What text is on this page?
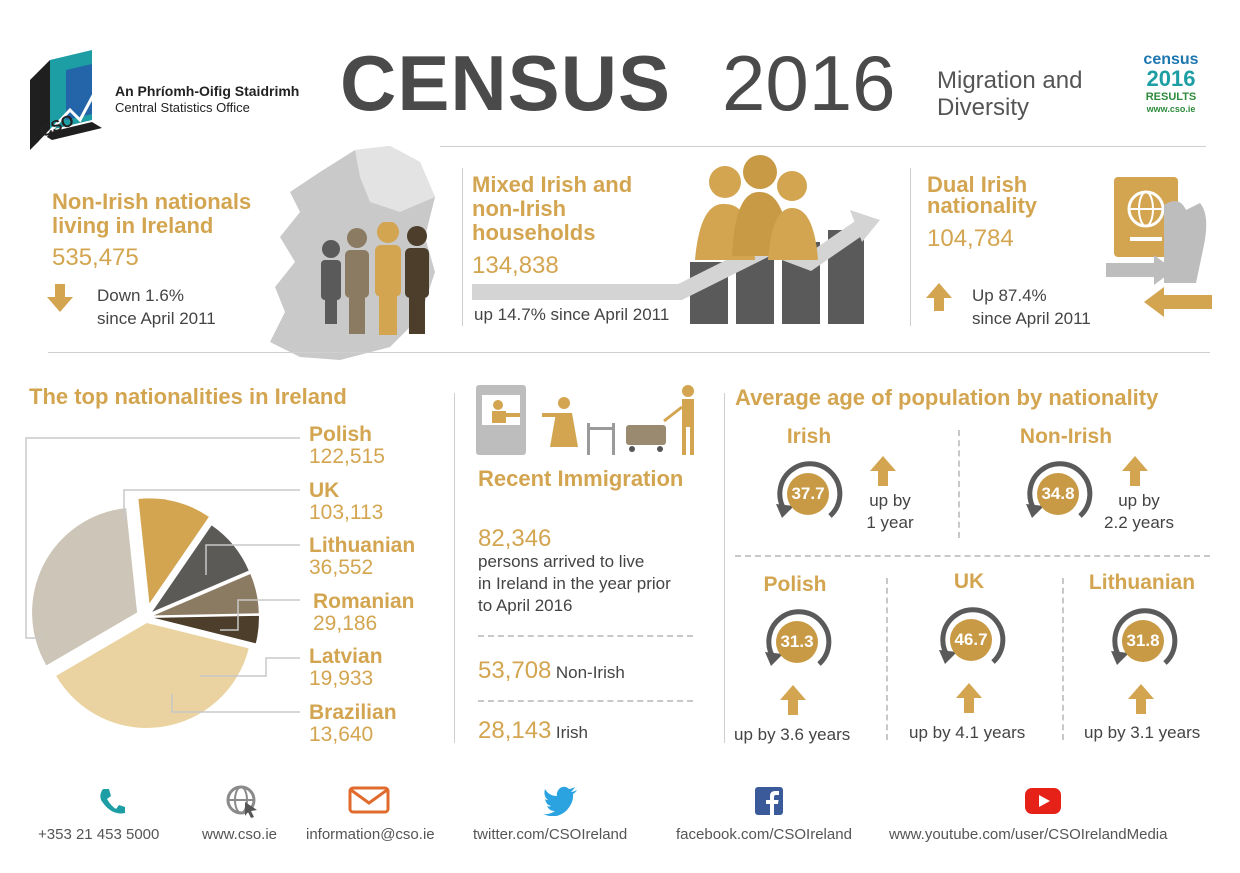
CSO
An Phríomh-Oifig Staidrimh
Central Statistics Office CENSUS 2016 Migration and
Diversity
census
2016
RESULTS
www.cso.ie
Non-Irish nationals
living in Ireland
535,475
Down 1.6%
since April 2011
Mixed Irish and
non-Irish
households
134,838
up 14.7% since April 2011
Dual Irish
nationality
104,784
Up 87.4%
since April 2011
The top nationalities in Ireland
Polish
122,515
UK
103,113
Lithuanian
36,552
Romanian
29,186
Latvian
19,933
Brazilian
13,640
Recent Immigration
82,346
persons arrived to live
in Ireland in the year prior
to April 2016
53,708 Non-Irish
28,143 Irish
Average age of population by nationality
Irish
37.7	up by
1 year
Non-Irish
34.8	up by
2.2 years
Polish
31.3
up by 3.6 years
UK
46.7
up by 4.1 years
Lithuanian
31.8
up by 3.1 years
+353 21 453 5000	www.cso.ie information@cso.ie	twitter.com/CSOIreland	facebook.com/CSOIreland www.youtube.com/user/CSOIrelandMedia
